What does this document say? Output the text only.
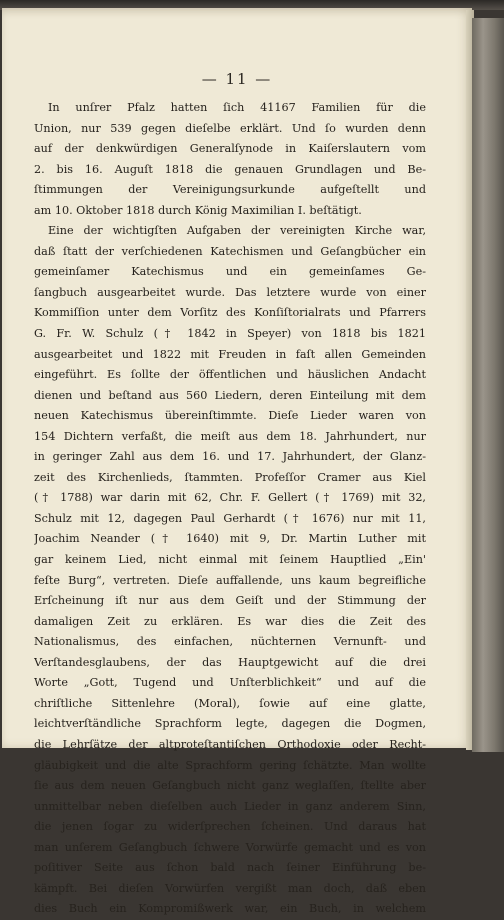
— 11 —
In unſrer Pfalz hatten ſich 41167 Familien für die
Union, nur 539 gegen dieſelbe erklärt. Und ſo wurden denn
auf der denkwürdigen Generalſynode in Kaiſerslautern vom
2. bis 16. Auguſt 1818 die genauen Grundlagen und Be-
ſtimmungen der Vereinigungsurkunde aufgeſtellt und
am 10. Oktober 1818 durch König Maximilian I. beſtätigt.
Eine der wichtigſten Aufgaben der vereinigten Kirche war,
daß ſtatt der verſchiedenen Katechismen und Geſangbücher ein
gemeinſamer Katechismus und ein gemeinſames Ge-
ſangbuch ausgearbeitet wurde. Das letztere wurde von einer
Kommiſſion unter dem Vorſitz des Konſiſtorialrats und Pfarrers
G. Fr. W. Schulz († 1842 in Speyer) von 1818 bis 1821
ausgearbeitet und 1822 mit Freuden in faſt allen Gemeinden
eingeführt. Es ſollte der öffentlichen und häuslichen Andacht
dienen und beſtand aus 560 Liedern, deren Einteilung mit dem
neuen Katechismus übereinſtimmte. Dieſe Lieder waren von
154 Dichtern verfaßt, die meiſt aus dem 18. Jahrhundert, nur
in geringer Zahl aus dem 16. und 17. Jahrhundert, der Glanz-
zeit des Kirchenlieds, ſtammten. Profeſſor Cramer aus Kiel
(† 1788) war darin mit 62, Chr. F. Gellert († 1769) mit 32,
Schulz mit 12, dagegen Paul Gerhardt († 1676) nur mit 11,
Joachim Neander († 1640) mit 9, Dr. Martin Luther mit
gar keinem Lied, nicht einmal mit ſeinem Hauptlied „Ein'
feſte Burg“, vertreten. Dieſe auffallende, uns kaum begreifliche
Erſcheinung iſt nur aus dem Geiſt und der Stimmung der
damaligen Zeit zu erklären. Es war dies die Zeit des
Nationalismus, des einfachen, nüchternen Vernunft- und
Verſtandesglaubens, der das Hauptgewicht auf die drei
Worte „Gott, Tugend und Unſterblichkeit“ und auf die
chriſtliche Sittenlehre (Moral), ſowie auf eine glatte,
leichtverſtändliche Sprachform legte, dagegen die Dogmen,
die Lehrſätze der altproteſtantiſchen Orthodoxie oder Recht-
gläubigkeit und die alte Sprachform gering ſchätzte. Man wollte
ſie aus dem neuen Geſangbuch nicht ganz weglaſſen, ſtellte aber
unmittelbar neben dieſelben auch Lieder in ganz anderem Sinn,
die jenen ſogar zu widerſprechen ſcheinen. Und daraus hat
man unſerem Geſangbuch ſchwere Vorwürfe gemacht und es von
poſitiver Seite aus ſchon bald nach ſeiner Einführung be-
kämpft. Bei dieſen Vorwürfen vergißt man doch, daß eben
dies Buch ein Kompromißwerk war, ein Buch, in welchem
